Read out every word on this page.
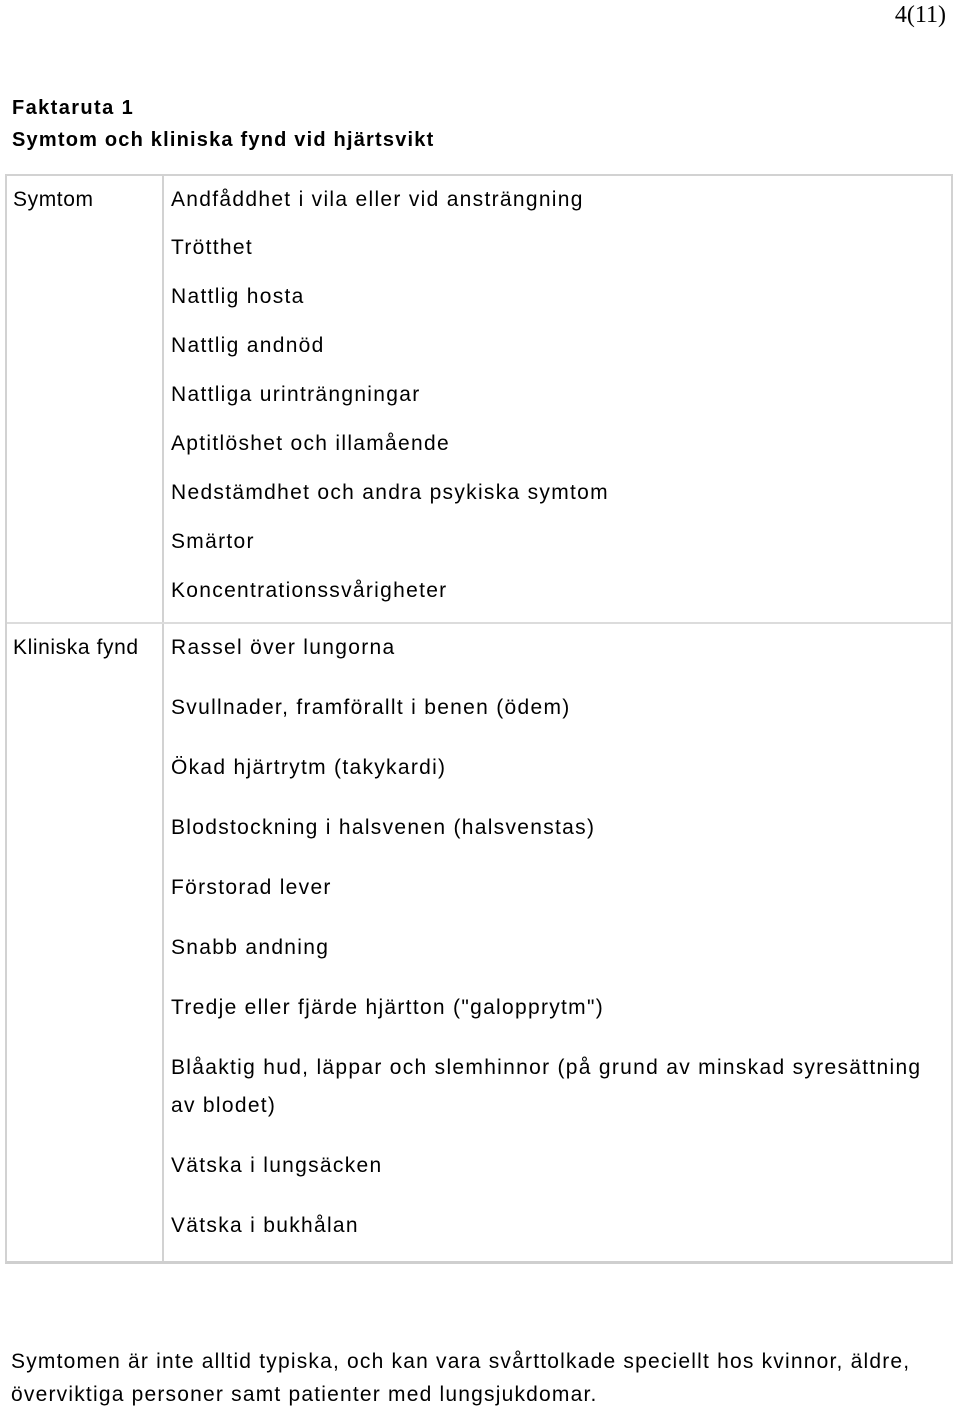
4(11)
Faktaruta 1
Symtom och kliniska fynd vid hjärtsvikt
Symtom	Andfåddhet i vila eller vid ansträngning
Trötthet
Nattlig hosta
Nattlig andnöd
Nattliga urinträngningar
Aptitlöshet och illamående
Nedstämdhet och andra psykiska symtom
Smärtor
Koncentrationssvårigheter
Kliniska fynd	Rassel över lungorna
Svullnader, framförallt i benen (ödem)
Ökad hjärtrytm (takykardi)
Blodstockning i halsvenen (halsvenstas)
Förstorad lever
Snabb andning
Tredje eller fjärde hjärtton ("galopprytm")
Blåaktig hud, läppar och slemhinnor (på grund av minskad syresättning av blodet)
Vätska i lungsäcken
Vätska i bukhålan
Symtomen är inte alltid typiska, och kan vara svårttolkade speciellt hos kvinnor, äldre, överviktiga personer samt patienter med lungsjukdomar.
